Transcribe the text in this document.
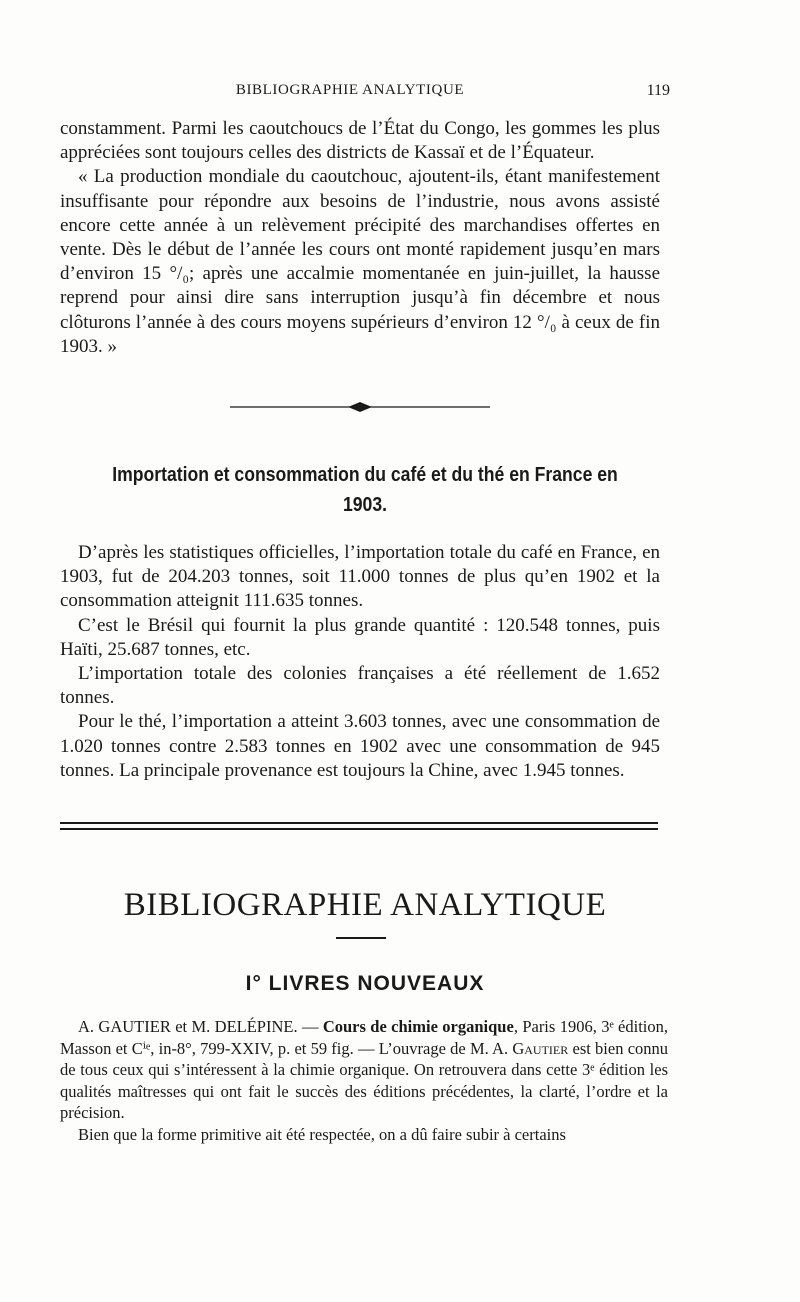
BIBLIOGRAPHIE ANALYTIQUE	119

constamment. Parmi les caoutchoucs de l’État du Congo, les gommes les plus appréciées sont toujours celles des districts de Kassaï et de l’Équateur.

« La production mondiale du caoutchouc, ajoutent-ils, étant manifestement insuffisante pour répondre aux besoins de l’industrie, nous avons assisté encore cette année à un relèvement précipité des marchandises offertes en vente. Dès le début de l’année les cours ont monté rapidement jusqu’en mars d’environ 15 °/₀; après une accalmie momentanée en juin-juillet, la hausse reprend pour ainsi dire sans interruption jusqu’à fin décembre et nous clôturons l’année à des cours moyens supérieurs d’environ 12 °/₀ à ceux de fin 1903. »

Importation et consommation du café et du thé en France en 1903.

D’après les statistiques officielles, l’importation totale du café en France, en 1903, fut de 204.203 tonnes, soit 11.000 tonnes de plus qu’en 1902 et la consommation atteignit 111.635 tonnes.

C’est le Brésil qui fournit la plus grande quantité : 120.548 tonnes, puis Haïti, 25.687 tonnes, etc.

L’importation totale des colonies françaises a été réellement de 1.652 tonnes.

Pour le thé, l’importation a atteint 3.603 tonnes, avec une consommation de 1.020 tonnes contre 2.583 tonnes en 1902 avec une consommation de 945 tonnes. La principale provenance est toujours la Chine, avec 1.945 tonnes.

BIBLIOGRAPHIE ANALYTIQUE
I° LIVRES NOUVEAUX

A. GAUTIER et M. DELÉPINE. — Cours de chimie organique, Paris 1906, 3ᵉ édition, Masson et Cⁱᵉ, in-8°, 799-XXIV, p. et 59 fig. — L’ouvrage de M. A. Gautier est bien connu de tous ceux qui s’intéressent à la chimie organique. On retrouvera dans cette 3ᵉ édition les qualités maîtresses qui ont fait le succès des éditions précédentes, la clarté, l’ordre et la précision.

Bien que la forme primitive ait été respectée, on a dû faire subir à certains
